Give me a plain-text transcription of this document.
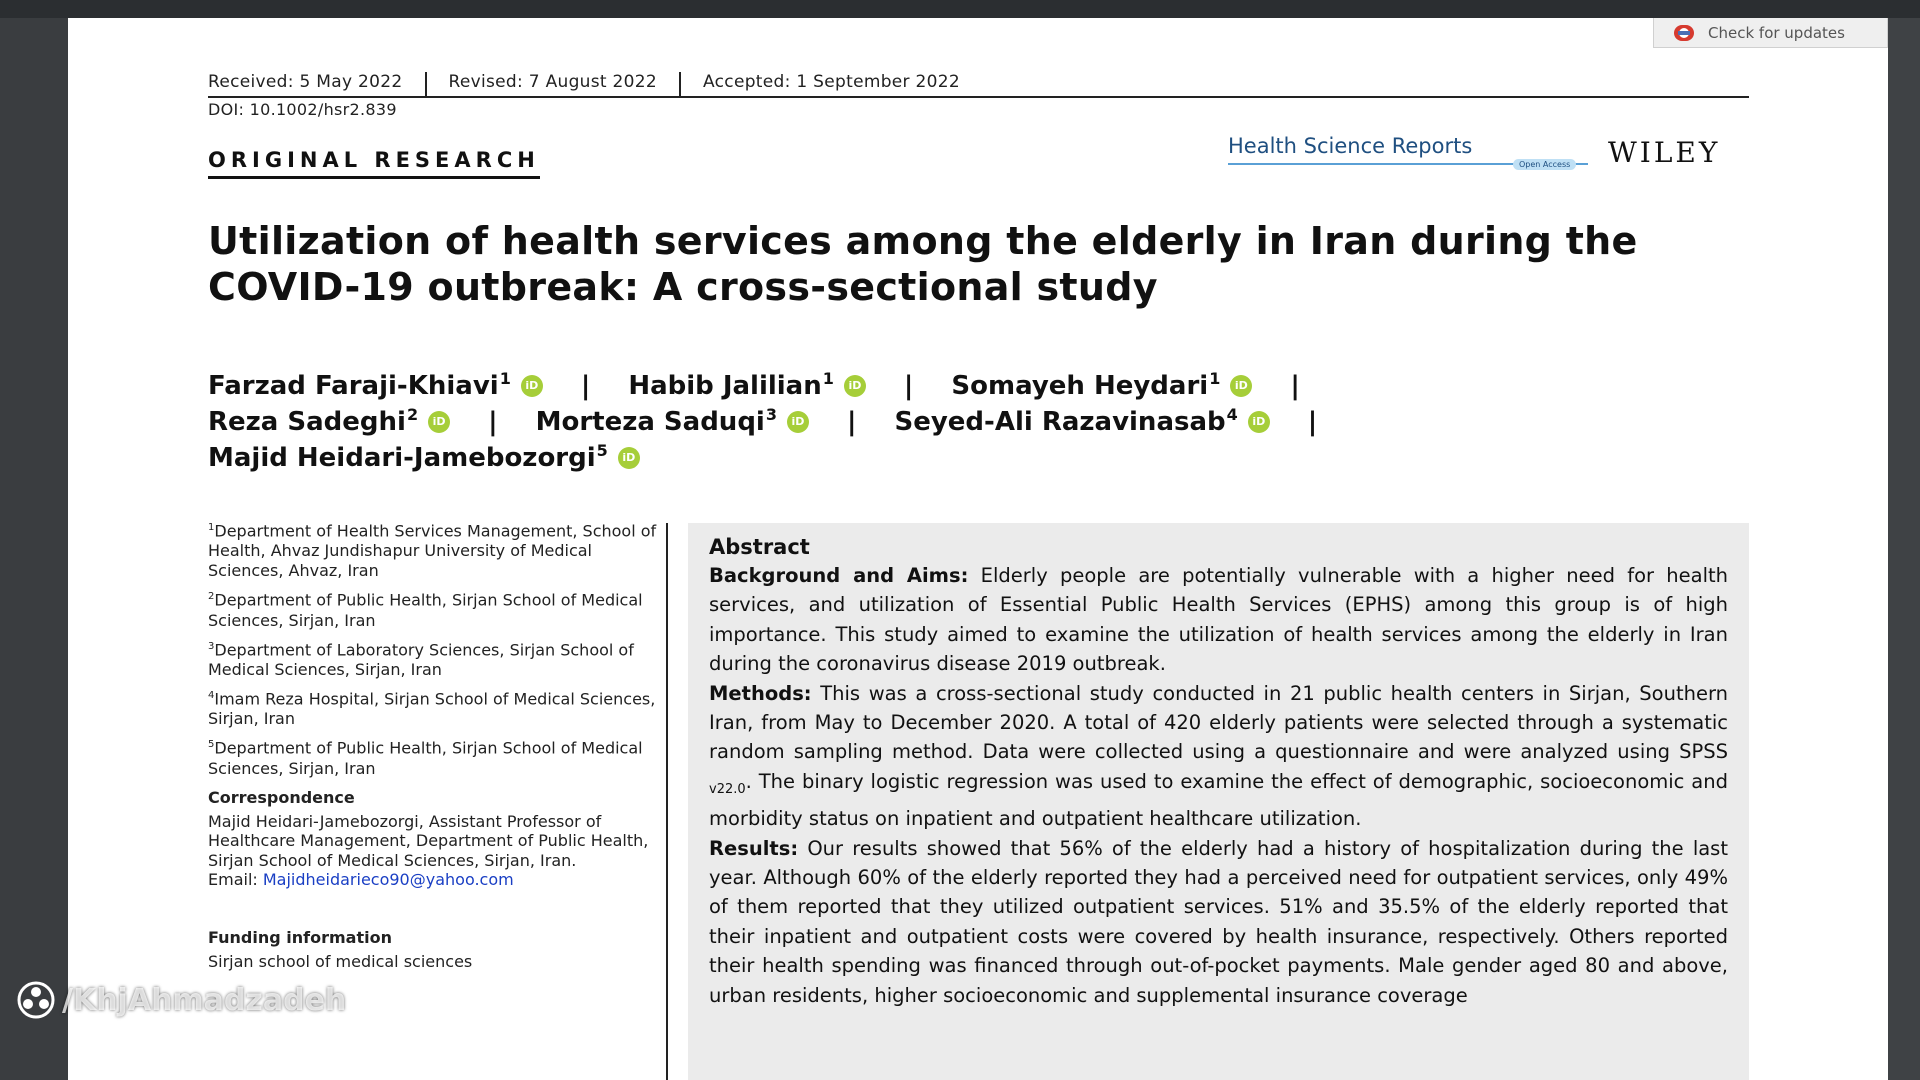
Check for updates
Received: 5 May 2022	Revised: 7 August 2022	Accepted: 1 September 2022
DOI: 10.1002/hsr2.839
ORIGINAL RESEARCH
Health Science Reports
Open Access WILEY
Utilization of health services among the elderly in Iran during the COVID-19 outbreak: A cross-sectional study
Farzad Faraji-Khiavi$^1$	iD | Habib Jalilian$^1$	iD | Somayeh Heydari$^1$	iD |
Reza Sadeghi$^2$	iD | Morteza Saduqi$^3$	iD | Seyed-Ali Razavinasab$^4$	iD |
Majid Heidari-Jamebozorgi$^5$	iD
$^1$Department of Health Services Management, School of Health, Ahvaz Jundishapur University of Medical Sciences, Ahvaz, Iran
$^2$Department of Public Health, Sirjan School of Medical Sciences, Sirjan, Iran
$^3$Department of Laboratory Sciences, Sirjan School of Medical Sciences, Sirjan, Iran
$^4$Imam Reza Hospital, Sirjan School of Medical Sciences, Sirjan, Iran
$^5$Department of Public Health, Sirjan School of Medical Sciences, Sirjan, Iran
Correspondence
Majid Heidari-Jamebozorgi, Assistant Professor of Healthcare Management, Department of Public Health, Sirjan School of Medical Sciences, Sirjan, Iran.
Email: Majidheidarieco90@yahoo.com
Funding information
Sirjan school of medical sciences
Abstract

Background and Aims: Elderly people are potentially vulnerable with a higher need for health services, and utilization of Essential Public Health Services (EPHS) among this group is of high importance. This study aimed to examine the utilization of health services among the elderly in Iran during the coronavirus disease 2019 outbreak.

Methods: This was a cross-sectional study conducted in 21 public health centers in Sirjan, Southern Iran, from May to December 2020. A total of 420 elderly patients were selected through a systematic random sampling method. Data were collected using a questionnaire and were analyzed using SPSS $_{v22.0}$. The binary logistic regression was used to examine the effect of demographic, socioeconomic and morbidity status on inpatient and outpatient healthcare utilization.

Results: Our results showed that 56% of the elderly had a history of hospitalization during the last year. Although 60% of the elderly reported they had a perceived need for outpatient services, only 49% of them reported that they utilized outpatient services. 51% and 35.5% of the elderly reported that their inpatient and outpatient costs were covered by health insurance, respectively. Others reported their health spending was financed through out-of-pocket payments. Male gender aged 80 and above, urban residents, higher socioeconomic and supplemental insurance coverage

/KhjAhmadzadeh
